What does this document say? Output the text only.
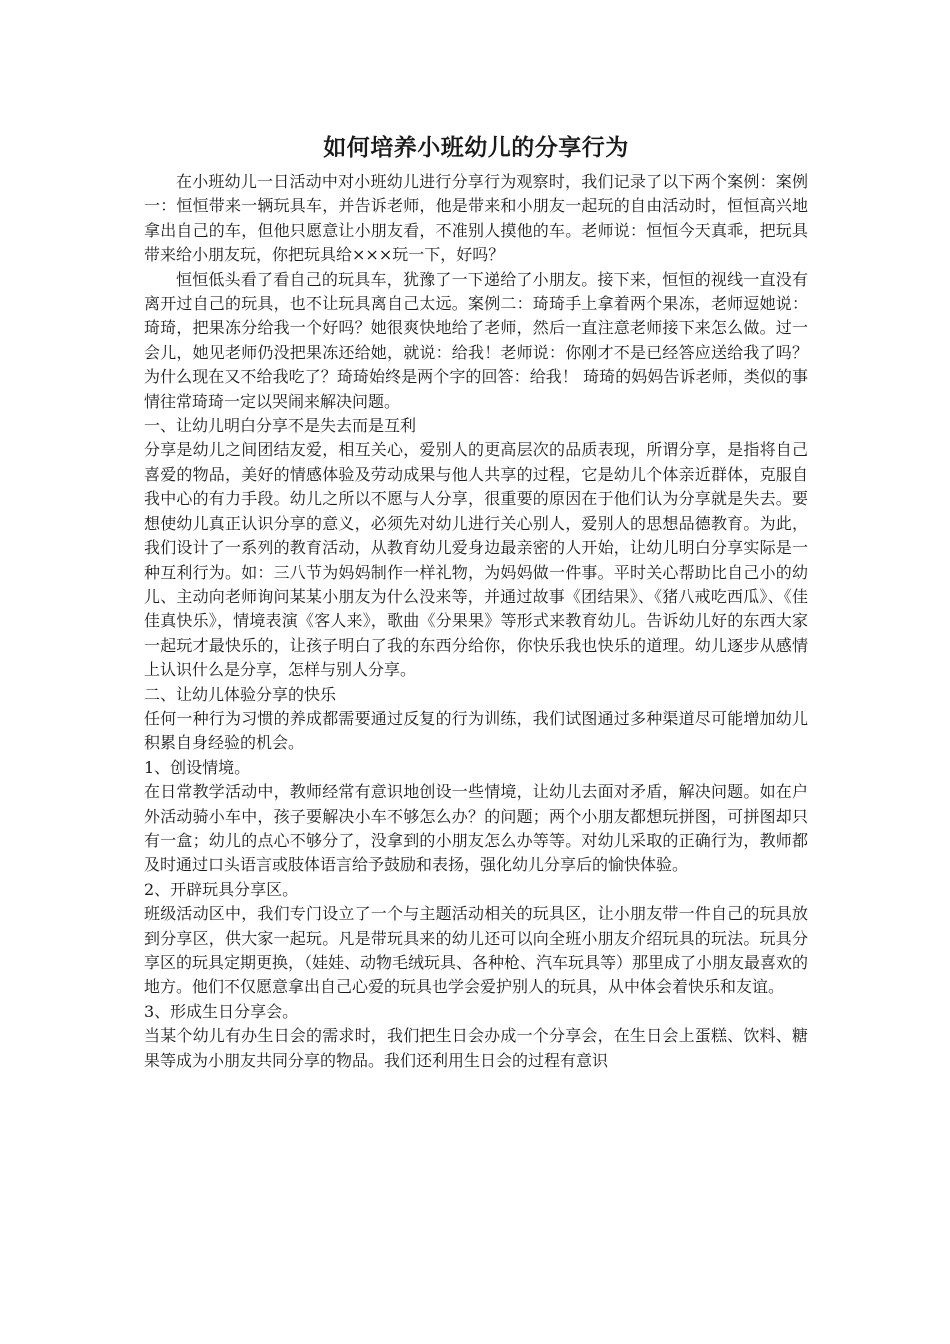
如何培养小班幼儿的分享行为

在小班幼儿一日活动中对小班幼儿进行分享行为观察时，我们记录了以下两个案例：案例一：恒恒带来一辆玩具车，并告诉老师，他是带来和小朋友一起玩的自由活动时，恒恒高兴地拿出自己的车，但他只愿意让小朋友看，不准别人摸他的车。老师说：恒恒今天真乖，把玩具带来给小朋友玩，你把玩具给×××玩一下，好吗？

恒恒低头看了看自己的玩具车，犹豫了一下递给了小朋友。接下来，恒恒的视线一直没有离开过自己的玩具，也不让玩具离自己太远。案例二：琦琦手上拿着两个果冻，老师逗她说：琦琦，把果冻分给我一个好吗？她很爽快地给了老师，然后一直注意老师接下来怎么做。过一会儿，她见老师仍没把果冻还给她，就说：给我！老师说：你刚才不是已经答应送给我了吗？为什么现在又不给我吃了？琦琦始终是两个字的回答：给我！ 琦琦的妈妈告诉老师，类似的事情往常琦琦一定以哭闹来解决问题。

一、让幼儿明白分享不是失去而是互利

分享是幼儿之间团结友爱，相互关心，爱别人的更高层次的品质表现，所谓分享，是指将自己喜爱的物品，美好的情感体验及劳动成果与他人共享的过程，它是幼儿个体亲近群体，克服自我中心的有力手段。幼儿之所以不愿与人分享，很重要的原因在于他们认为分享就是失去。要想使幼儿真正认识分享的意义，必须先对幼儿进行关心别人，爱别人的思想品德教育。为此，我们设计了一系列的教育活动，从教育幼儿爱身边最亲密的人开始，让幼儿明白分享实际是一种互利行为。如：三八节为妈妈制作一样礼物，为妈妈做一件事。平时关心帮助比自己小的幼儿、主动向老师询问某某小朋友为什么没来等，并通过故事《团结果》、《猪八戒吃西瓜》、《佳佳真快乐》，情境表演《客人来》，歌曲《分果果》等形式来教育幼儿。告诉幼儿好的东西大家一起玩才最快乐的，让孩子明白了我的东西分给你，你快乐我也快乐的道理。幼儿逐步从感情上认识什么是分享，怎样与别人分享。

二、让幼儿体验分享的快乐

任何一种行为习惯的养成都需要通过反复的行为训练，我们试图通过多种渠道尽可能增加幼儿积累自身经验的机会。

1、创设情境。

在日常教学活动中，教师经常有意识地创设一些情境，让幼儿去面对矛盾，解决问题。如在户外活动骑小车中，孩子要解决小车不够怎么办？的问题；两个小朋友都想玩拼图，可拼图却只有一盒；幼儿的点心不够分了，没拿到的小朋友怎么办等等。对幼儿采取的正确行为，教师都及时通过口头语言或肢体语言给予鼓励和表扬，强化幼儿分享后的愉快体验。

2、开辟玩具分享区。

班级活动区中，我们专门设立了一个与主题活动相关的玩具区，让小朋友带一件自己的玩具放到分享区，供大家一起玩。凡是带玩具来的幼儿还可以向全班小朋友介绍玩具的玩法。玩具分享区的玩具定期更换，（娃娃、动物毛绒玩具、各种枪、汽车玩具等）那里成了小朋友最喜欢的地方。他们不仅愿意拿出自己心爱的玩具也学会爱护别人的玩具，从中体会着快乐和友谊。

3、形成生日分享会。

当某个幼儿有办生日会的需求时，我们把生日会办成一个分享会，在生日会上蛋糕、饮料、糖果等成为小朋友共同分享的物品。我们还利用生日会的过程有意识
